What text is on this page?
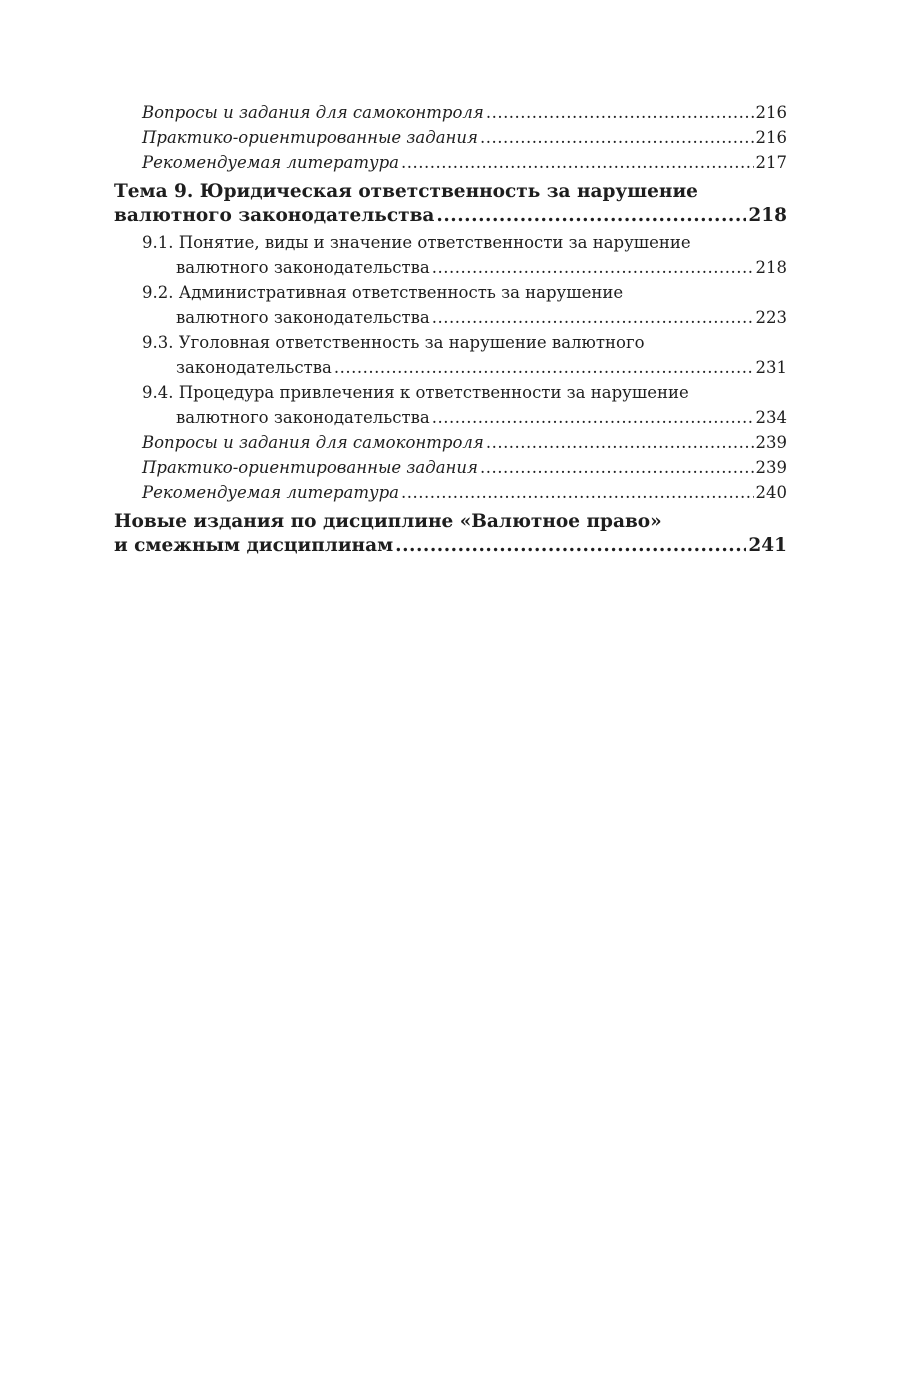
Вопросы и задания для самоконтроля .....	216
Практико-ориентированные задания .....	216
Рекомендуемая литература .....	217
Тема 9. Юридическая ответственность за нарушение
валютного законодательства .....	218
9.1. Понятие, виды и значение ответственности за нарушение
валютного законодательства .....	218
9.2. Административная ответственность за нарушение
валютного законодательства .....	223
9.3. Уголовная ответственность за нарушение валютного
законодательства .....	231
9.4. Процедура привлечения к ответственности за нарушение
валютного законодательства .....	234
Вопросы и задания для самоконтроля .....	239
Практико-ориентированные задания .....	239
Рекомендуемая литература .....	240
Новые издания по дисциплине «Валютное право»
и смежным дисциплинам .....	241
